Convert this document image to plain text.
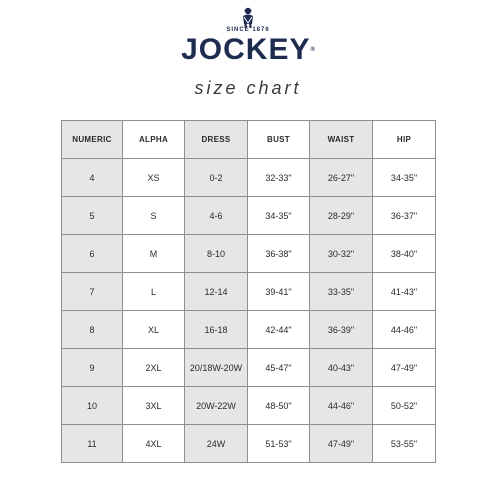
SINCE 1876
JOCKEY®
size chart
NUMERIC	ALPHA	DRESS	BUST	WAIST	HIP
4	XS	0-2	32-33"	26-27"	34-35"
5	S	4-6	34-35"	28-29"	36-37"
6	M	8-10	36-38"	30-32"	38-40"
7	L	12-14	39-41"	33-35"	41-43"
8	XL	16-18	42-44"	36-39"	44-46"
9	2XL	20/18W-20W	45-47"	40-43"	47-49"
10	3XL	20W-22W	48-50"	44-46"	50-52"
11	4XL	24W	51-53"	47-49"	53-55"
